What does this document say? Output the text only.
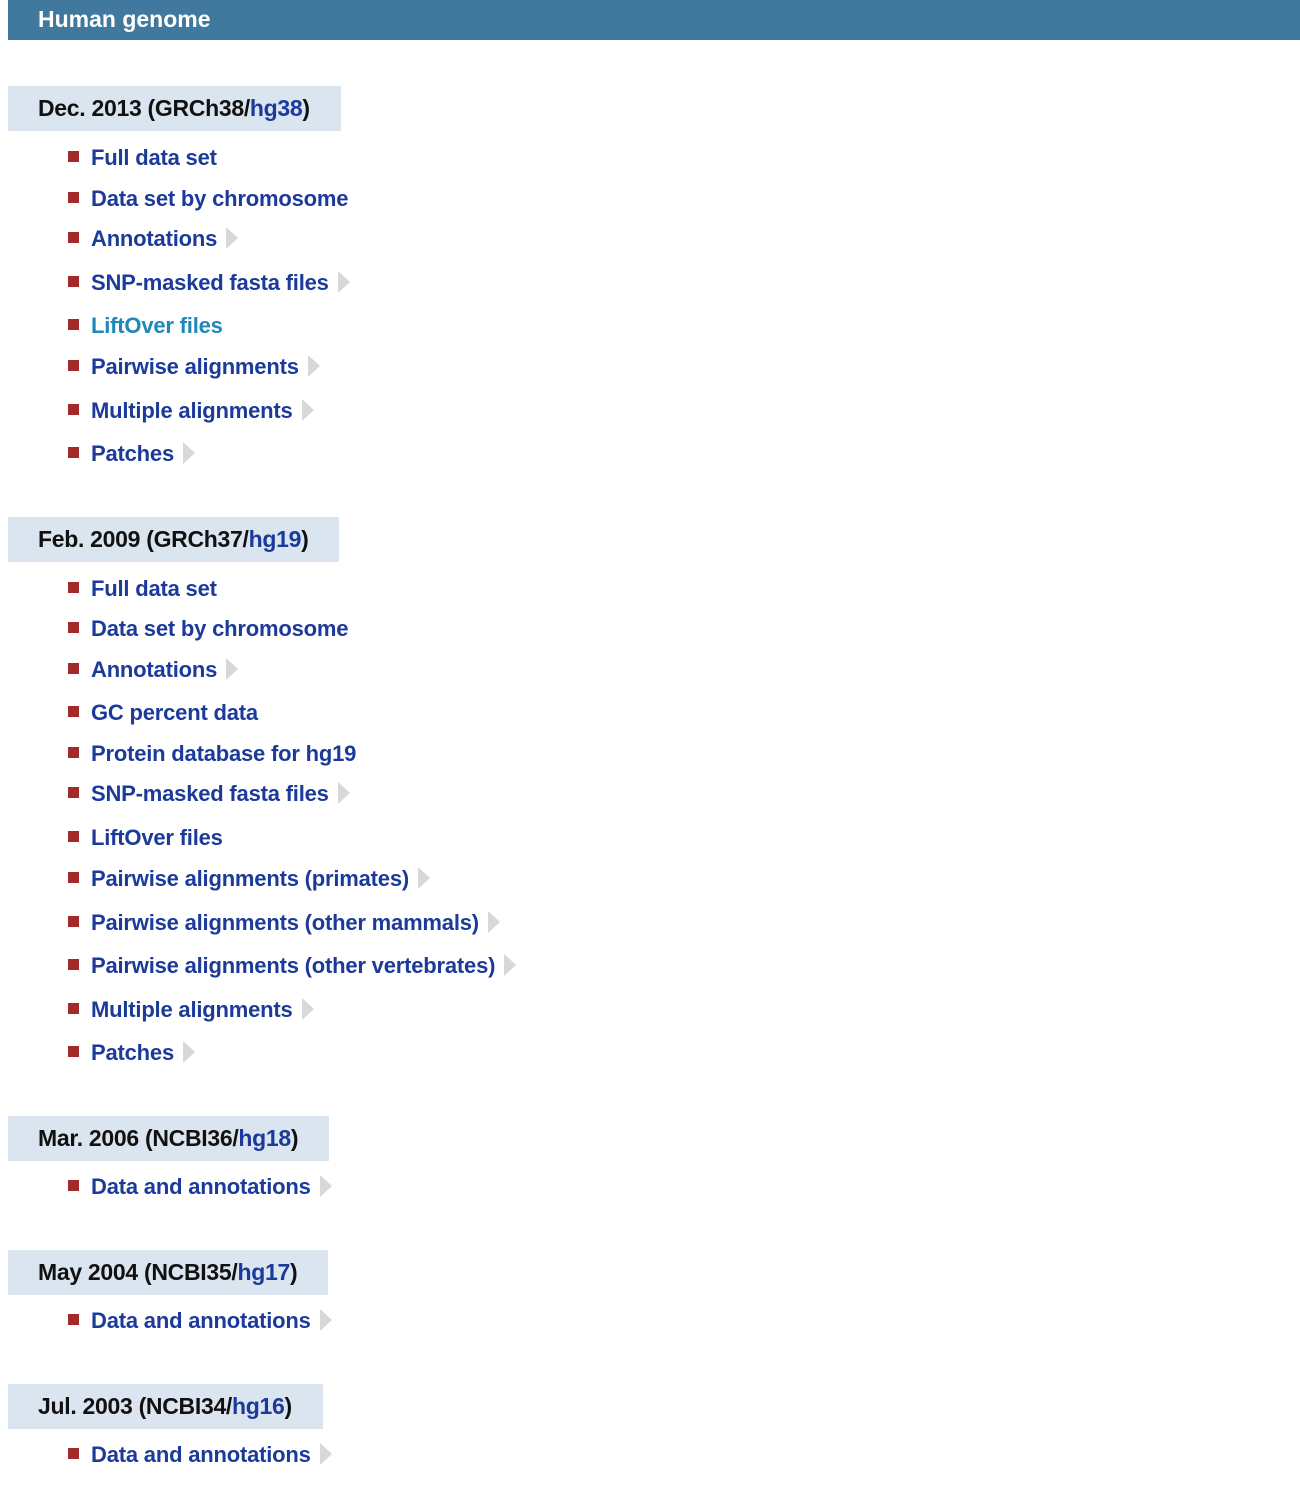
Human genome
Dec. 2013 (GRCh38/hg38)
Full data set
Data set by chromosome
Annotations
SNP-masked fasta files
LiftOver files
Pairwise alignments
Multiple alignments
Patches
Feb. 2009 (GRCh37/hg19)
Full data set
Data set by chromosome
Annotations
GC percent data
Protein database for hg19
SNP-masked fasta files
LiftOver files
Pairwise alignments (primates)
Pairwise alignments (other mammals)
Pairwise alignments (other vertebrates)
Multiple alignments
Patches
Mar. 2006 (NCBI36/hg18)
Data and annotations
May 2004 (NCBI35/hg17)
Data and annotations
Jul. 2003 (NCBI34/hg16)
Data and annotations
